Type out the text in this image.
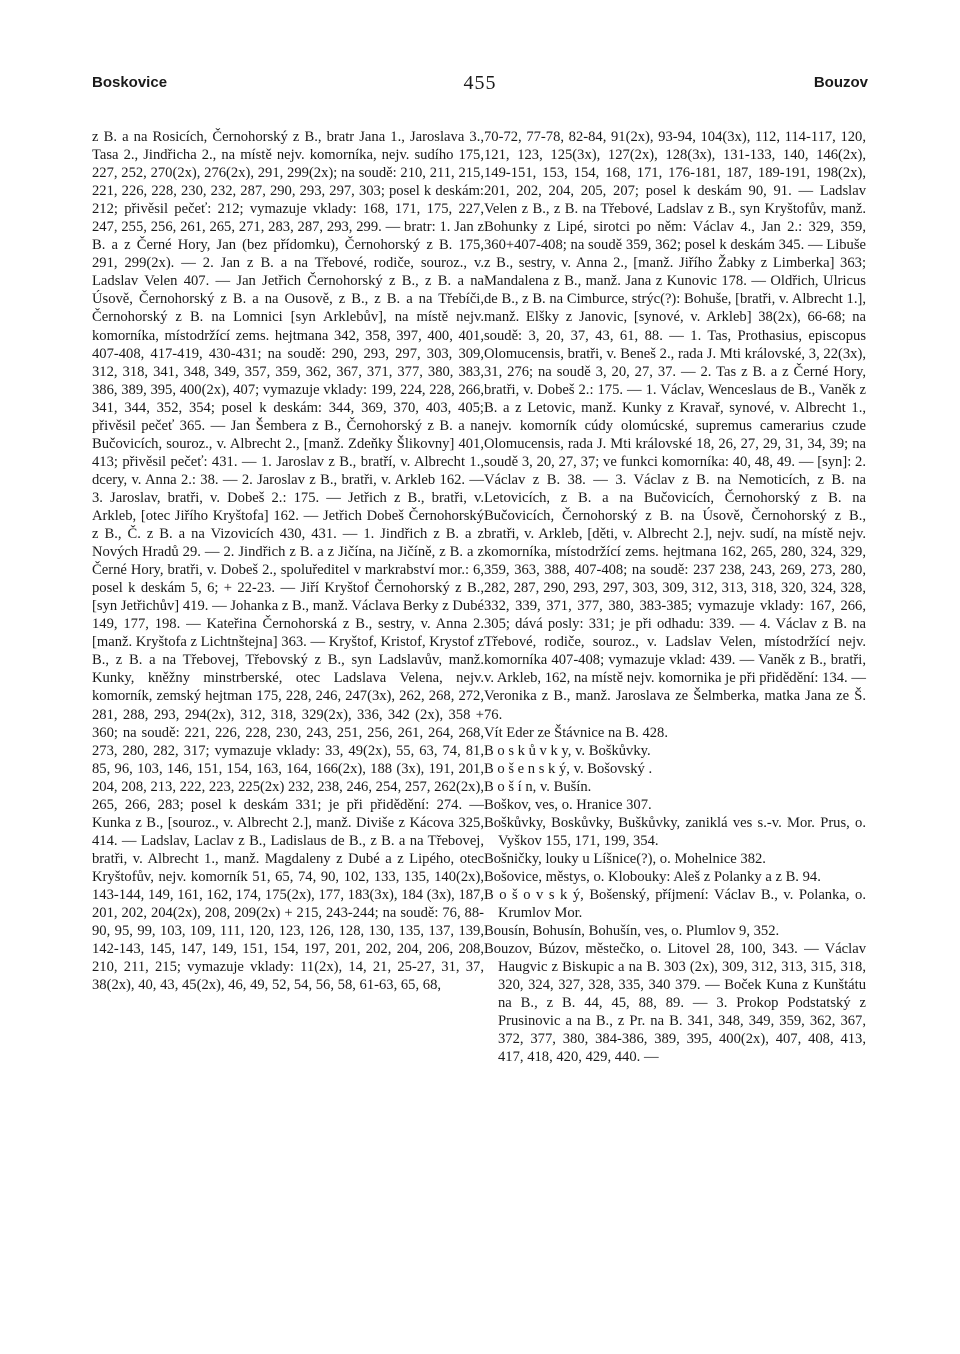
Boskovice	455	Bouzov

z B. a na Rosicích, Černohorský z B., bratr Jana 1., Jaroslava 3., Tasa 2., Jindřicha 2., na místě nejv. komorníka, nejv. sudího 175, 227, 252, 270(2x), 276(2x), 291, 299(2x); na soudě: 210, 211, 215, 221, 226, 228, 230, 232, 287, 290, 293, 297, 303; posel k deskám: 212; přivěsil pečeť: 212; vymazuje vklady: 168, 171, 175, 227, 247, 255, 256, 261, 265, 271, 283, 287, 293, 299. — bratr: 1. Jan z B. a z Černé Hory, Jan (bez přídomku), Černohorský z B. 175, 291, 299(2x). — 2. Jan z B. a na Třebové, rodiče, souroz., v. Ladslav Velen 407. — Jan Jetřich Černohorský z B., z B. a na Úsově, Černohorský z B. a na Ousově, z B., z B. a na Třebíči, Černohorský z B. na Lomnici [syn Arklebův], na místě nejv. komorníka, místodržící zems. hejtmana 342, 358, 397, 400, 401, 407-408, 417-419, 430-431; na soudě: 290, 293, 297, 303, 309, 312, 318, 341, 348, 349, 357, 359, 362, 367, 371, 377, 380, 383, 386, 389, 395, 400(2x), 407; vymazuje vklady: 199, 224, 228, 266, 341, 344, 352, 354; posel k deskám: 344, 369, 370, 403, 405; přivěsil pečeť 365. — Jan Šembera z B., Černohorský z B. a na Bučovicích, souroz., v. Albrecht 2., [manž. Zdeňky Šlikovny] 401, 413; přivěsil pečeť: 431. — 1. Jaroslav z B., bratří, v. Albrecht 1., dcery, v. Anna 2.: 38. — 2. Jaroslav z B., bratři, v. Arkleb 162. — 3. Jaroslav, bratři, v. Dobeš 2.: 175. — Jetřich z B., bratři, v. Arkleb, [otec Jiřího Kryštofa] 162. — Jetřich Dobeš Černohorský z B., Č. z B. a na Vizovicích 430, 431. — 1. Jindřich z B. a z Nových Hradů 29. — 2. Jindřich z B. a z Jičína, na Jičíně, z B. a z Černé Hory, bratři, v. Dobeš 2., spoluředitel v markrabství mor.: 6, posel k deskám 5, 6; + 22-23. — Jiří Kryštof Černohorský z B., [syn Jetřichův] 419. — Johanka z B., manž. Václava Berky z Dubé 149, 177, 198. — Kateřina Černohorská z B., sestry, v. Anna 2. [manž. Kryštofa z Lichtnštejna] 363. — Kryštof, Kristof, Krystof z B., z B. a na Třebovej, Třebovský z B., syn Ladslavův, manž. Kunky, kněžny minstrberské, otec Ladslava Velena, nejv. komorník, zemský hejtman 175, 228, 246, 247(3x), 262, 268, 272, 281, 288, 293, 294(2x), 312, 318, 329(2x), 336, 342 (2x), 358 + 360; na soudě: 221, 226, 228, 230, 243, 251, 256, 261, 264, 268, 273, 280, 282, 317; vymazuje vklady: 33, 49(2x), 55, 63, 74, 81, 85, 96, 103, 146, 151, 154, 163, 164, 166(2x), 188 (3x), 191, 201, 204, 208, 213, 222, 223, 225(2x) 232, 238, 246, 254, 257, 262(2x), 265, 266, 283; posel k deskám 331; je při přidědění: 274. — Kunka z B., [souroz., v. Albrecht 2.], manž. Diviše z Kácova 325, 414. — Ladslav, Laclav z B., Ladislaus de B., z B. a na Třebovej, bratři, v. Albrecht 1., manž. Magdaleny z Dubé a z Lipého, otec Kryštofův, nejv. komorník 51, 65, 74, 90, 102, 133, 135, 140(2x), 143-144, 149, 161, 162, 174, 175(2x), 177, 183(3x), 184 (3x), 187, 201, 202, 204(2x), 208, 209(2x) + 215, 243-244; na soudě: 76, 88-90, 95, 99, 103, 109, 111, 120, 123, 126, 128, 130, 135, 137, 139, 142-143, 145, 147, 149, 151, 154, 197, 201, 202, 204, 206, 208, 210, 211, 215; vymazuje vklady: 11(2x), 14, 21, 25-27, 31, 37, 38(2x), 40, 43, 45(2x), 46, 49, 52, 54, 56, 58, 61-63, 65, 68,

70-72, 77-78, 82-84, 91(2x), 93-94, 104(3x), 112, 114-117, 120, 121, 123, 125(3x), 127(2x), 128(3x), 131-133, 140, 146(2x), 149-151, 153, 154, 168, 171, 176-181, 187, 189-191, 198(2x), 201, 202, 204, 205, 207; posel k deskám 90, 91. — Ladslav Velen z B., z B. na Třebové, Ladslav z B., syn Kryštofův, manž. Bohunky z Lipé, sirotci po něm: Václav 4., Jan 2.: 329, 359, 360+407-408; na soudě 359, 362; posel k deskám 345. — Libuše z B., sestry, v. Anna 2., [manž. Jiřího Žabky z Limberka] 363; Mandalena z B., manž. Jana z Kunovic 178. — Oldřich, Ulricus de B., z B. na Cimburce, strýc(?): Bohuše, [bratři, v. Albrecht 1.], manž. Elšky z Janovic, [synové, v. Arkleb] 38(2x), 66-68; na soudě: 3, 20, 37, 43, 61, 88. — 1. Tas, Prothasius, episcopus Olomucensis, bratři, v. Beneš 2., rada J. Mti královské, 3, 22(3x), 31, 276; na soudě 3, 20, 27, 37. — 2. Tas z B. a z Černé Hory, bratři, v. Dobeš 2.: 175. — 1. Václav, Wenceslaus de B., Vaněk z B. a z Letovic, manž. Kunky z Kravař, synové, v. Albrecht 1., nejv. komorník cúdy olomúcské, supremus camerarius czude Olomucensis, rada J. Mti královské 18, 26, 27, 29, 31, 34, 39; na soudě 3, 20, 27, 37; ve funkci komorníka: 40, 48, 49. — [syn]: 2. Václav z B. 38. — 3. Václav z B. na Nemoticích, z B. na Letovicích, z B. a na Bučovicích, Černohorský z B. na Bučovicích, Černohorský z B. na Úsově, Černohorský z B., bratři, v. Arkleb, [děti, v. Albrecht 2.], nejv. sudí, na místě nejv. komorníka, místodržící zems. hejtmana 162, 265, 280, 324, 329, 359, 363, 388, 407-408; na soudě: 237 238, 243, 269, 273, 280, 282, 287, 290, 293, 297, 303, 309, 312, 313, 318, 320, 324, 328, 332, 339, 371, 377, 380, 383-385; vymazuje vklady: 167, 266, 305; dává posly: 331; je při odhadu: 339. — 4. Václav z B. na Třebové, rodiče, souroz., v. Ladslav Velen, místodržící nejv. komorníka 407-408; vymazuje vklad: 439. — Vaněk z B., bratři, v. Arkleb, 162, na místě nejv. komornika je při přidědění: 134. — Veronika z B., manž. Jaroslava ze Šelmberka, matka Jana ze Š. 76.

Vít Eder ze Štávnice na B. 428.

B o s k ů v k y, v. Boškůvky.

B o š e n s k ý, v. Bošovský .

B o š í n, v. Bušín.

Boškov, ves, o. Hranice 307.

Boškůvky, Boskůvky, Buškůvky, zaniklá ves s.-v. Mor. Prus, o. Vyškov 155, 171, 199, 354.

Bošničky, louky u Líšnice(?), o. Mohelnice 382.

Bošovice, městys, o. Klobouky: Aleš z Polanky a z B. 94.

B o š o v s k ý, Bošenský, příjmení: Václav B., v. Polanka, o. Krumlov Mor.

Bousín, Bohusín, Bohušín, ves, o. Plumlov 9, 352.

Bouzov, Búzov, městečko, o. Litovel 28, 100, 343. — Václav Haugvic z Biskupic a na B. 303 (2x), 309, 312, 313, 315, 318, 320, 324, 327, 328, 335, 340 379. — Boček Kuna z Kunštátu na B., z B. 44, 45, 88, 89. — 3. Prokop Podstatský z Prusinovic a na B., z Pr. na B. 341, 348, 349, 359, 362, 367, 372, 377, 380, 384-386, 389, 395, 400(2x), 407, 408, 413, 417, 418, 420, 429, 440. —
